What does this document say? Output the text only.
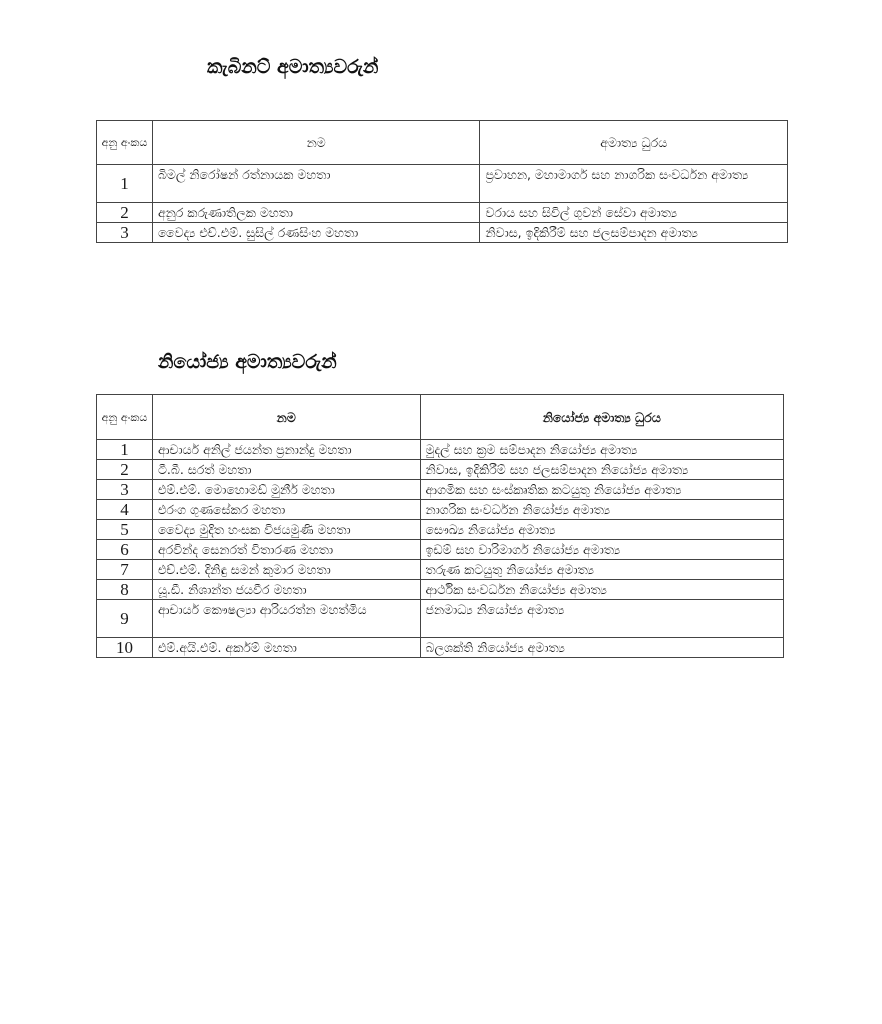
කැබිනට් අමාත්‍යවරුන්
අනු අංකය	නම	අමාත්‍ය ධුරය
1	බිමල් නිරෝෂන් රත්නායක මහතා	ප්‍රවාහන, මහාමාර්ග සහ නාගරික සංවර්ධන අමාත්‍ය
2	අනුර කරුණාතිලක මහතා	වරාය සහ සිවිල් ගුවන් සේවා අමාත්‍ය
3	වෛද්‍ය එච්.එම්. සුසිල් රණසිංහ මහතා	නිවාස, ඉදිකිරීම් සහ ජලසම්පාදන අමාත්‍ය
නියෝජ්‍ය අමාත්‍යවරුන්
අනු අංකය	නම	නියෝජ්‍ය අමාත්‍ය ධුරය
1	ආචාර්ය අනිල් ජයන්ත ප්‍රනාන්දු මහතා	මුදල් සහ ක්‍රම සම්පාදන නියෝජ්‍ය අමාත්‍ය
2	ටී.බී. සරත් මහතා	නිවාස, ඉදිකිරීම් සහ ජලසම්පාදන නියෝජ්‍ය අමාත්‍ය
3	එම්.එම්. මොහොමඩ් මුනීර් මහතා	ආගමික සහ සංස්කෘතික කටයුතු නියෝජ්‍ය අමාත්‍ය
4	එරංග ගුණසේකර මහතා	නාගරික සංවර්ධන නියෝජ්‍ය අමාත්‍ය
5	වෛද්‍ය මුදිත හංසක විජයමුණි මහතා	සෞඛ්‍ය නියෝජ්‍ය අමාත්‍ය
6	අරවින්ද සෙනරත් විතාරණ මහතා	ඉඩම් සහ වාරිමාර්ග නියෝජ්‍ය අමාත්‍ය
7	එච්.එම්. දිනිඳු සමන් කුමාර මහතා	තරුණ කටයුතු නියෝජ්‍ය අමාත්‍ය
8	යූ.ඩී. නිශාන්ත ජයවීර මහතා	ආර්ථික සංවර්ධන නියෝජ්‍ය අමාත්‍ය
9	ආචාර්ය කෞෂල්‍යා ආරියරත්න මහත්මිය	ජනමාධ්‍ය නියෝජ්‍ය අමාත්‍ය
10	එම්.අයි.එම්. අර්කම් මහතා	බලශක්ති නියෝජ්‍ය අමාත්‍ය
